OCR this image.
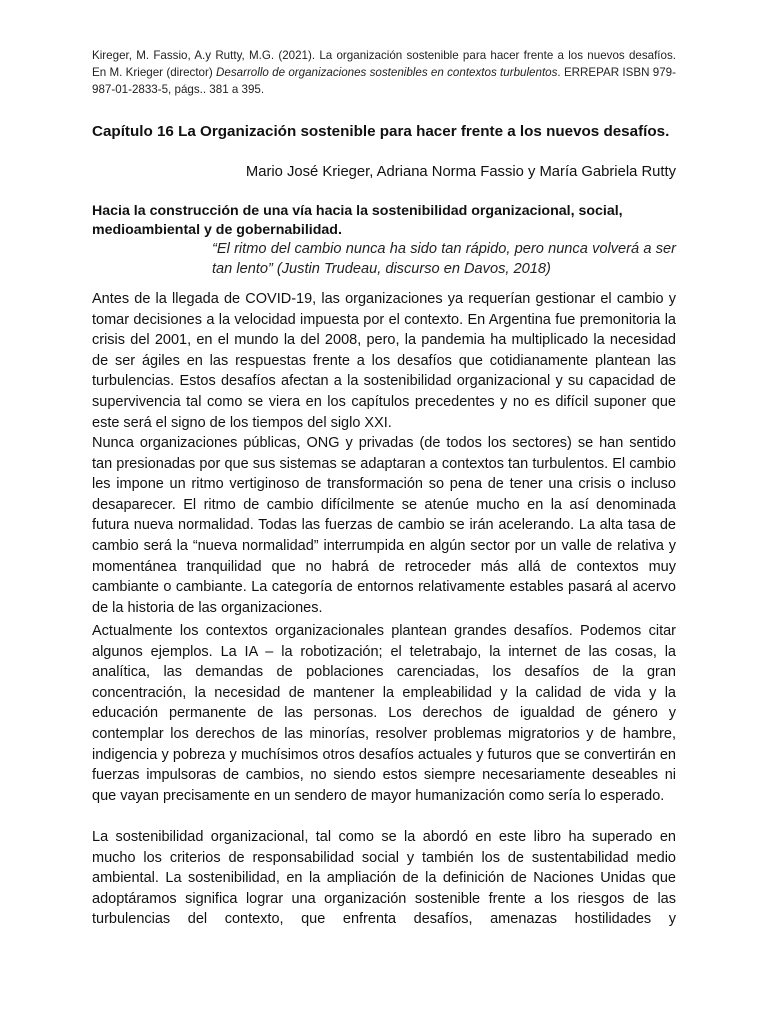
Kireger, M. Fassio, A.y Rutty, M.G. (2021). La organización sostenible para hacer frente a los nuevos desafíos. En M. Krieger (director) Desarrollo de organizaciones sostenibles en contextos turbulentos. ERREPAR ISBN 979-987-01-2833-5, págs.. 381 a 395.
Capítulo 16 La Organización sostenible para hacer frente a los nuevos desafíos.
Mario José Krieger, Adriana Norma Fassio y María Gabriela Rutty
Hacia la construcción de una vía hacia la sostenibilidad organizacional, social, medioambiental y de gobernabilidad.
“El ritmo del cambio nunca ha sido tan rápido, pero nunca volverá a ser tan lento” (Justin Trudeau, discurso en Davos, 2018)
Antes de la llegada de COVID-19, las organizaciones ya requerían gestionar el cambio y tomar decisiones a la velocidad impuesta por el contexto. En Argentina fue premonitoria la crisis del 2001, en el mundo la del 2008, pero, la pandemia ha multiplicado la necesidad de ser ágiles en las respuestas frente a los desafíos que cotidianamente plantean las turbulencias. Estos desafíos afectan a la sostenibilidad organizacional y su capacidad de supervivencia tal como se viera en los capítulos precedentes y no es difícil suponer que este será el signo de los tiempos del siglo XXI.
Nunca organizaciones públicas, ONG y privadas (de todos los sectores) se han sentido tan presionadas por que sus sistemas se adaptaran a contextos tan turbulentos. El cambio les impone un ritmo vertiginoso de transformación so pena de tener una crisis o incluso desaparecer. El ritmo de cambio difícilmente se atenúe mucho en la así denominada futura nueva normalidad. Todas las fuerzas de cambio se irán acelerando. La alta tasa de cambio será la “nueva normalidad” interrumpida en algún sector por un valle de relativa y momentánea tranquilidad que no habrá de retroceder más allá de contextos muy cambiante o cambiante. La categoría de entornos relativamente estables pasará al acervo de la historia de las organizaciones.
Actualmente los contextos organizacionales plantean grandes desafíos. Podemos citar algunos ejemplos. La IA – la robotización; el teletrabajo, la internet de las cosas, la analítica, las demandas de poblaciones carenciadas, los desafíos de la gran concentración, la necesidad de mantener la empleabilidad y la calidad de vida y la educación permanente de las personas. Los derechos de igualdad de género y contemplar los derechos de las minorías, resolver problemas migratorios y de hambre, indigencia y pobreza y muchísimos otros desafíos actuales y futuros que se convertirán en fuerzas impulsoras de cambios, no siendo estos siempre necesariamente deseables ni que vayan precisamente en un sendero de mayor humanización como sería lo esperado.
La sostenibilidad organizacional, tal como se la abordó en este libro ha superado en mucho los criterios de responsabilidad social y también los de sustentabilidad medio ambiental. La sostenibilidad, en la ampliación de la definición de Naciones Unidas que adoptáramos significa lograr una organización sostenible frente a los riesgos de las turbulencias del contexto, que enfrenta desafíos, amenazas hostilidades y
